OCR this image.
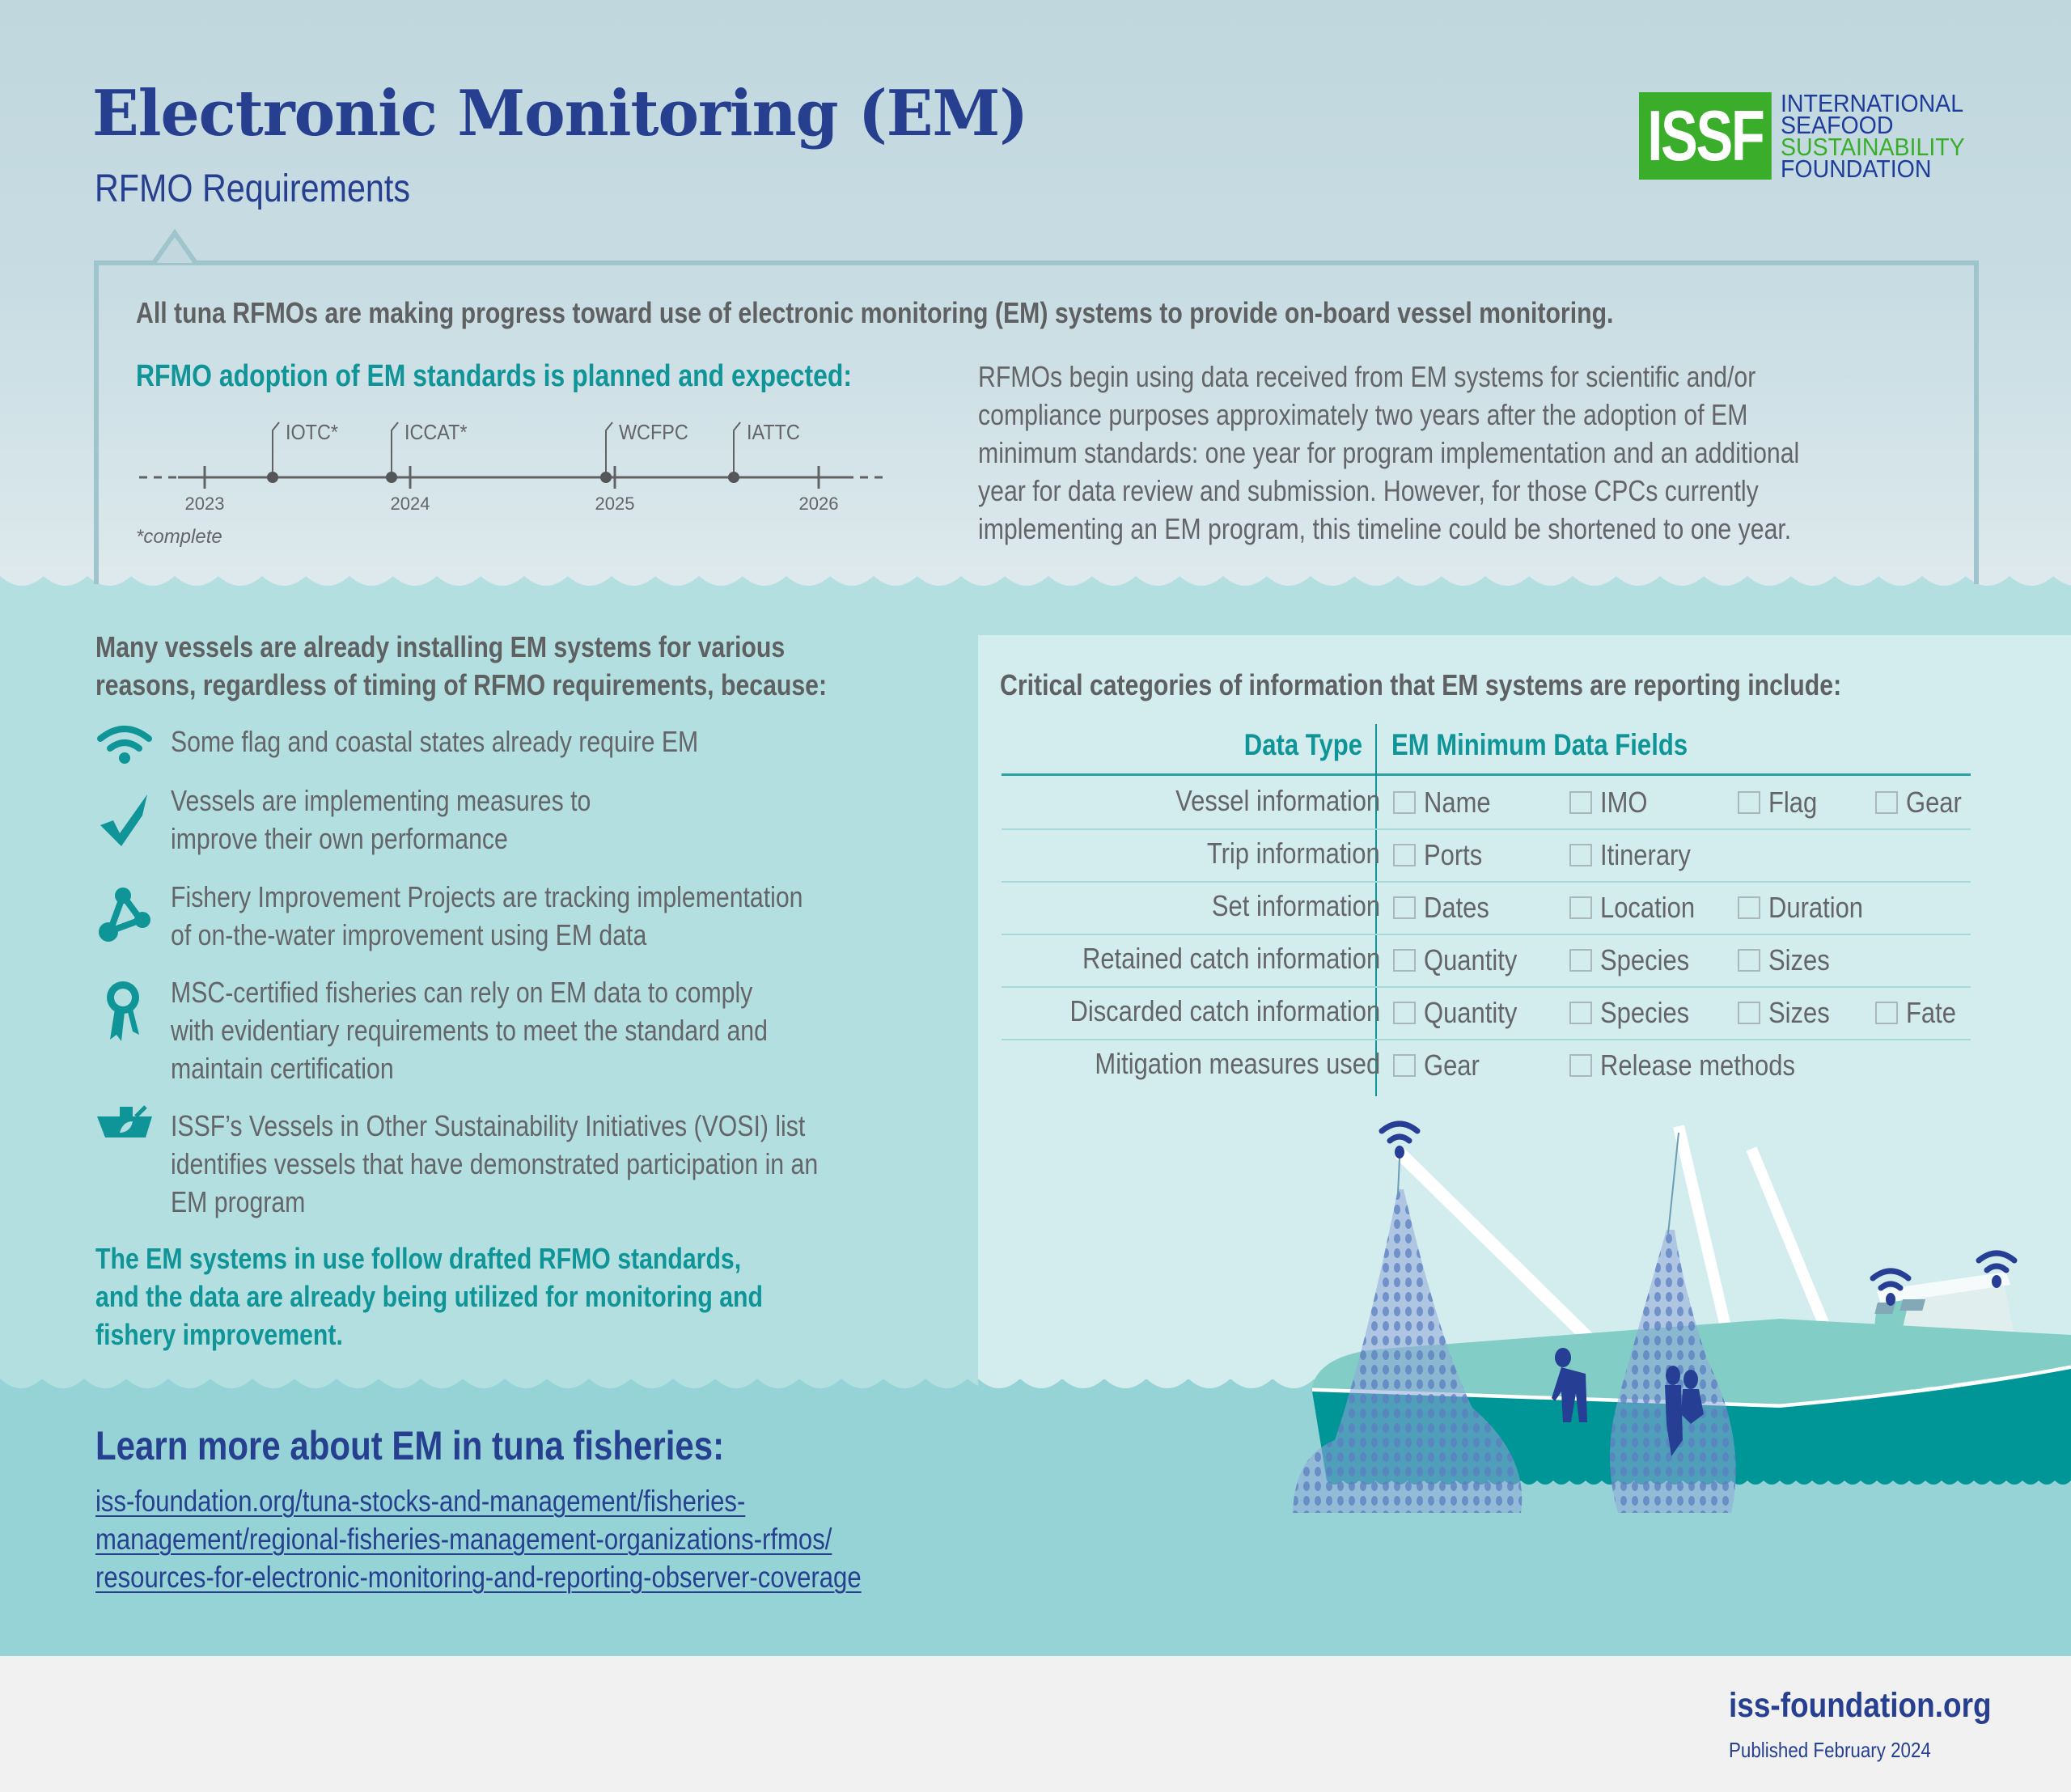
Electronic Monitoring (EM)
RFMO Requirements
ISSF INTERNATIONAL
SEAFOOD
SUSTAINABILITY
FOUNDATION
All tuna RFMOs are making progress toward use of electronic monitoring (EM) systems to provide on-board vessel monitoring.
RFMO adoption of EM standards is planned and expected:
IOTC*	ICCAT*	WCFPC	IATTC
2023	2024	2025	2026
*complete
RFMOs begin using data received from EM systems for scientific and/or
compliance purposes approximately two years after the adoption of EM
minimum standards: one year for program implementation and an additional
year for data review and submission. However, for those CPCs currently
implementing an EM program, this timeline could be shortened to one year.
Many vessels are already installing EM systems for various
reasons, regardless of timing of RFMO requirements, because:
Some flag and coastal states already require EM
Vessels are implementing measures to
improve their own performance
Fishery Improvement Projects are tracking implementation
of on-the-water improvement using EM data
MSC-certified fisheries can rely on EM data to comply
with evidentiary requirements to meet the standard and
maintain certification
ISSF’s Vessels in Other Sustainability Initiatives (VOSI) list
identifies vessels that have demonstrated participation in an
EM program
The EM systems in use follow drafted RFMO standards,
and the data are already being utilized for monitoring and
fishery improvement.
Critical categories of information that EM systems are reporting include:
Data Type EM Minimum Data Fields
Vessel information	Name	IMO	Flag	Gear
Trip information	Ports	Itinerary
Set information	Dates	Location	Duration
Retained catch information	Quantity	Species	Sizes
Discarded catch information	Quantity	Species	Sizes	Fate
Mitigation measures used	Gear	Release methods
Learn more about EM in tuna fisheries:
iss-foundation.org/tuna-stocks-and-management/fisheries-
management/regional-fisheries-management-organizations-rfmos/
resources-for-electronic-monitoring-and-reporting-observer-coverage
iss-foundation.org
Published February 2024
